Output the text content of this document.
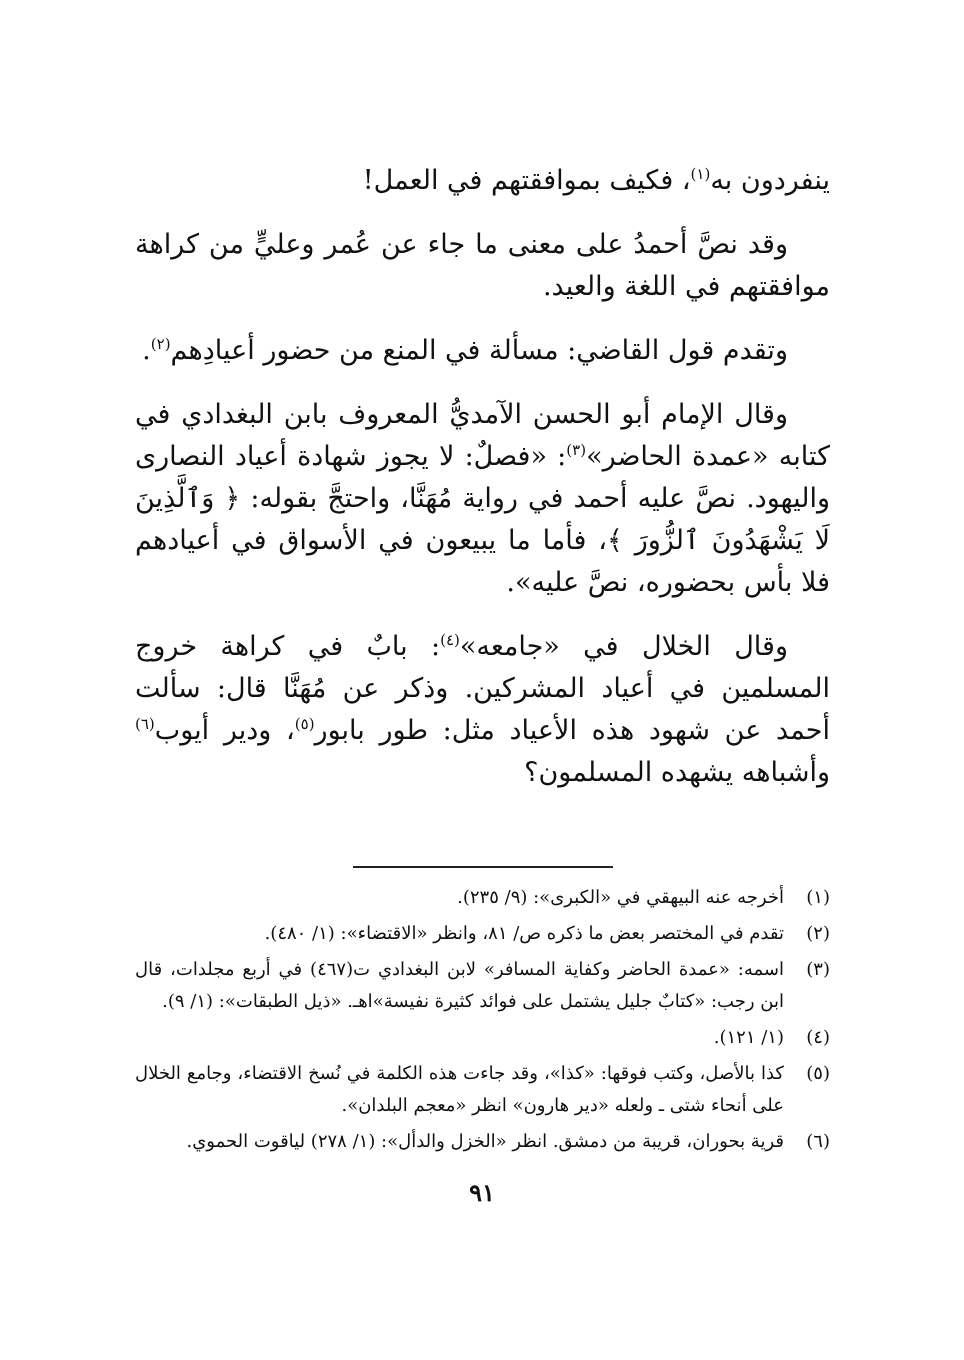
ينفردون به$^{(١)}$، فكيف بموافقتهم في العمل!

وقد نصَّ أحمدُ على معنى ما جاء عن عُمر وعليٍّ من كراهة موافقتهم في اللغة والعيد.

وتقدم قول القاضي: مسألة في المنع من حضور أعيادِهم$^{(٢)}$.

وقال الإمام أبو الحسن الآمديُّ المعروف بابن البغدادي في كتابه «عمدة الحاضر»$^{(٣)}$: «فصلٌ: لا يجوز شهادة أعياد النصارى واليهود. نصَّ عليه أحمد في رواية مُهَنَّا، واحتجَّ بقوله: ﴿ وَٱلَّذِينَ لَا يَشْهَدُونَ ٱلزُّورَ ﴾، فأما ما يبيعون في الأسواق في أعيادهم فلا بأس بحضوره، نصَّ عليه».

وقال الخلال في «جامعه»$^{(٤)}$: بابٌ في كراهة خروج المسلمين في أعياد المشركين. وذكر عن مُهَنَّا قال: سألت أحمد عن شهود هذه الأعياد مثل: طور بابور$^{(٥)}$، ودير أيوب$^{(٦)}$ وأشباهه يشهده المسلمون؟

(١)
أخرجه عنه البيهقي في «الكبرى»: (٩/ ٢٣٥).
(٢)
تقدم في المختصر بعض ما ذكره ص/ ٨١، وانظر «الاقتضاء»: (١/ ٤٨٠).
(٣)
اسمه: «عمدة الحاضر وكفاية المسافر» لابن البغدادي ت(٤٦٧) في أربع مجلدات، قال ابن رجب: «كتابٌ جليل يشتمل على فوائد كثيرة نفيسة»اهـ. «ذيل الطبقات»: (١/ ٩).
(٤)
(١/ ١٢١).
(٥)
كذا بالأصل، وكتب فوقها: «كذا»، وقد جاءت هذه الكلمة في نُسخ الاقتضاء، وجامع الخلال على أنحاء شتى ـ ولعله «دير هارون» انظر «معجم البلدان».
(٦)
قرية بحوران، قريبة من دمشق. انظر «الخزل والدأل»: (١/ ٢٧٨) لياقوت الحموي.
٩١
